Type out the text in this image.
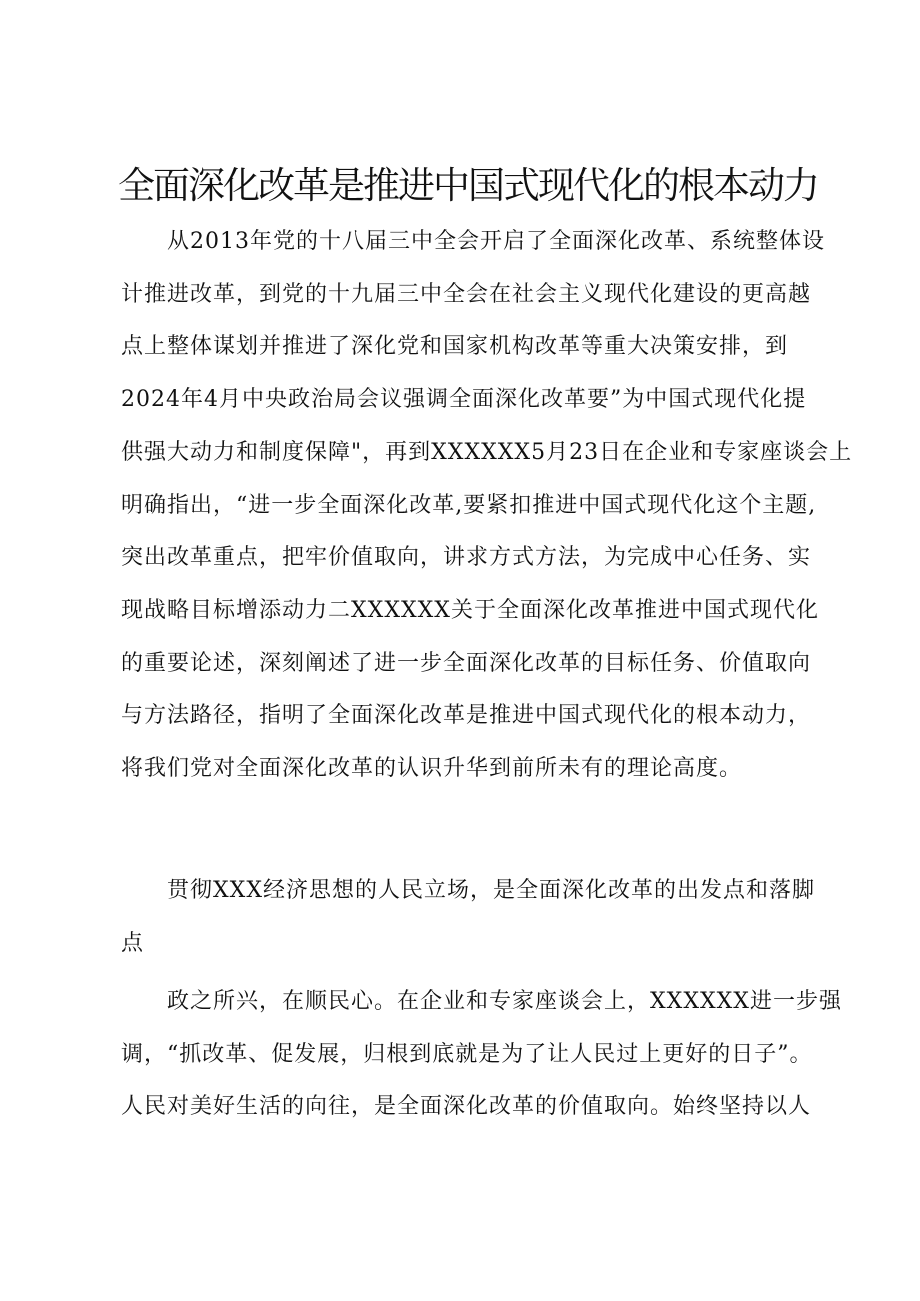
全面深化改革是推进中国式现代化的根本动力
从2013年党的十八届三中全会开启了全面深化改革、系统整体设
计推进改革，到党的十九届三中全会在社会主义现代化建设的更高越
点上整体谋划并推进了深化党和国家机构改革等重大决策安排，到
2024年4月中央政治局会议强调全面深化改革要”为中国式现代化提
供强大动力和制度保障"，再到XXXXXX5月23日在企业和专家座谈会上
明确指出，“进一步全面深化改革,要紧扣推进中国式现代化这个主题,
突出改革重点，把牢价值取向，讲求方式方法，为完成中心任务、实
现战略目标增添动力二XXXXXX关于全面深化改革推进中国式现代化
的重要论述，深刻阐述了进一步全面深化改革的目标任务、价值取向
与方法路径，指明了全面深化改革是推进中国式现代化的根本动力，
将我们党对全面深化改革的认识升华到前所未有的理论高度。
贯彻XXX经济思想的人民立场，是全面深化改革的出发点和落脚
点
政之所兴，在顺民心。在企业和专家座谈会上，XXXXXX进一步强
调，“抓改革、促发展，归根到底就是为了让人民过上更好的日子”。
人民对美好生活的向往，是全面深化改革的价值取向。始终坚持以人
